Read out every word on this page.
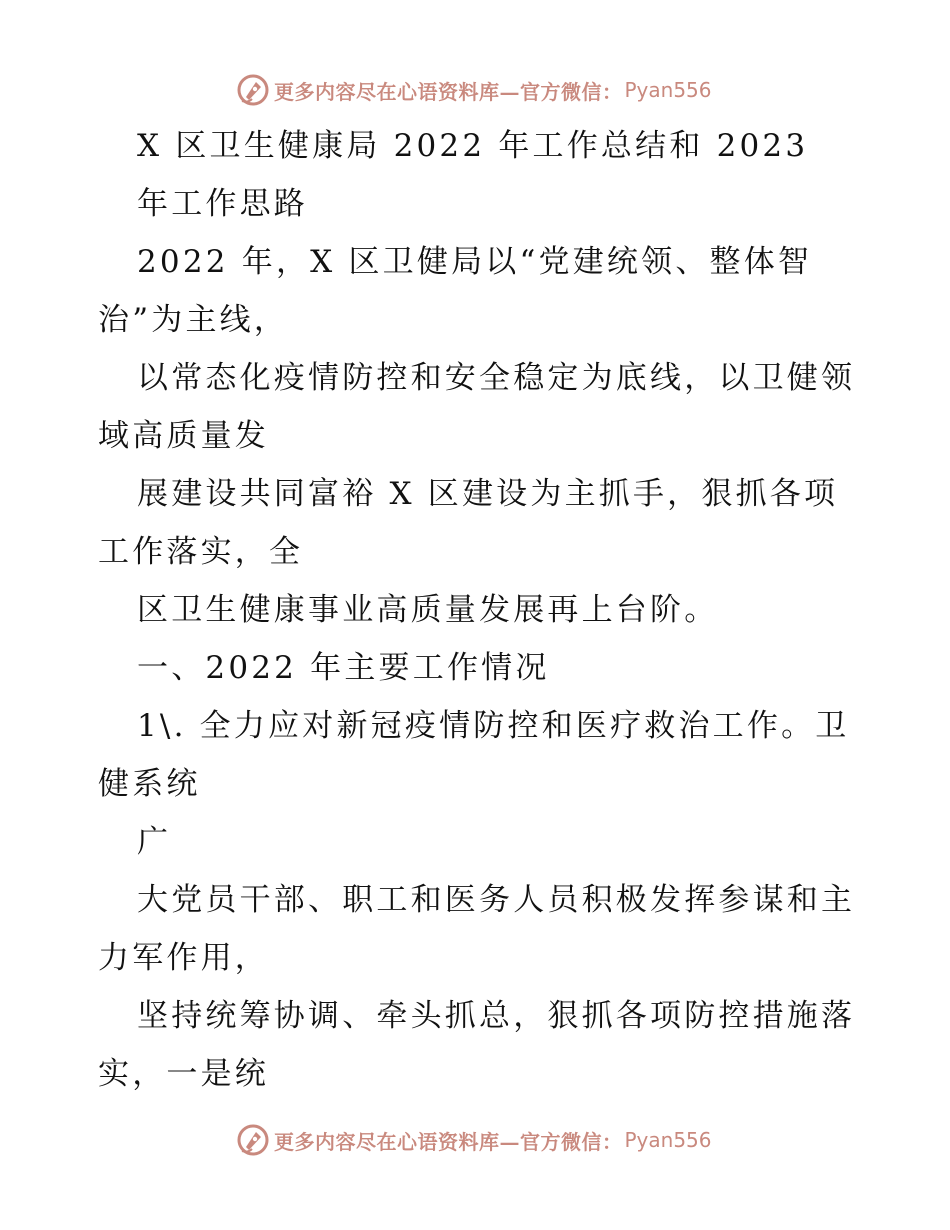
更多内容尽在心语资料库—官方微信： Pyan556
X 区卫生健康局 2022 年工作总结和 2023
年工作思路
2022 年，X 区卫健局以“党建统领、整体智
治”为主线，
以常态化疫情防控和安全稳定为底线，以卫健领
域高质量发
展建设共同富裕 X 区建设为主抓手，狠抓各项
工作落实，全
区卫生健康事业高质量发展再上台阶。
一、2022 年主要工作情况
1\. 全力应对新冠疫情防控和医疗救治工作。卫
健系统
广
大党员干部、职工和医务人员积极发挥参谋和主
力军作用，
坚持统筹协调、牵头抓总，狠抓各项防控措施落
实，一是统
更多内容尽在心语资料库—官方微信： Pyan556
